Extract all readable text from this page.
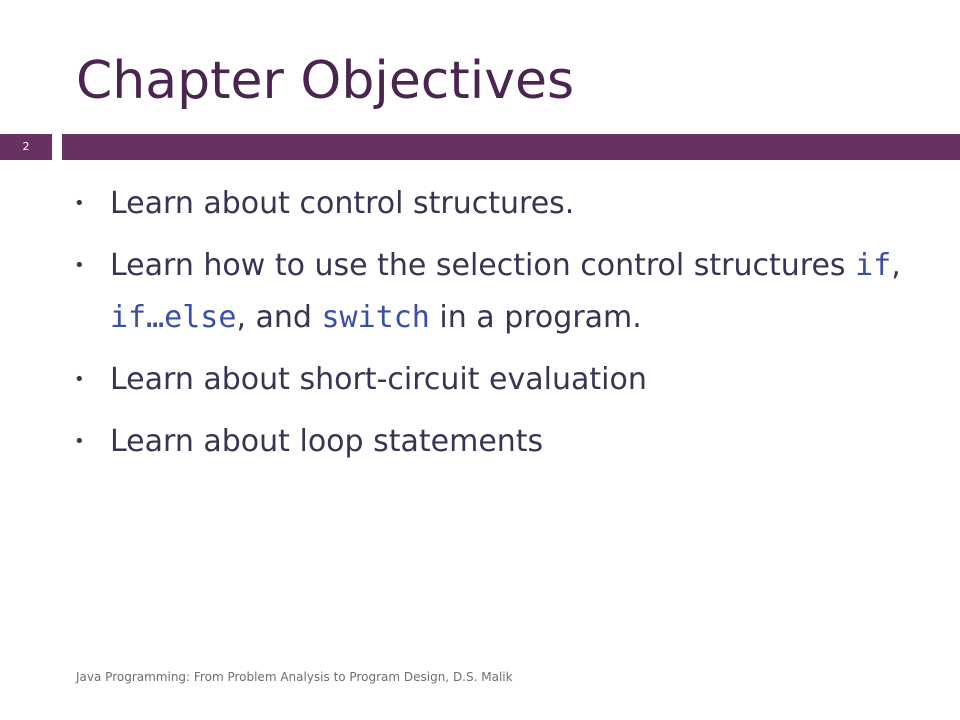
Chapter Objectives
2
• Learn about control structures.
• Learn how to use the selection control structures if, if…else, and switch in a program.
• Learn about short-circuit evaluation
• Learn about loop statements
Java Programming: From Problem Analysis to Program Design, D.S. Malik
